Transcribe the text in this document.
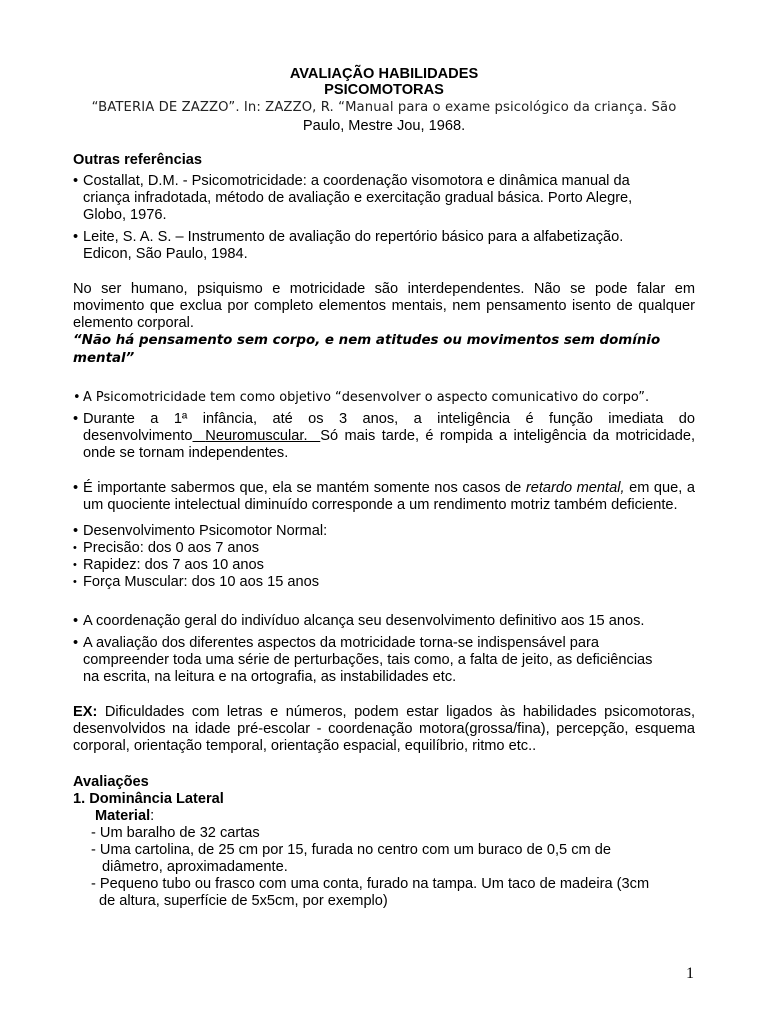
AVALIAÇÃO HABILIDADES
PSICOMOTORAS
“BATERIA DE ZAZZO”. In: ZAZZO, R. “Manual para o exame psicológico da criança. São
Paulo, Mestre Jou, 1968.
Outras referências
• Costallat, D.M. - Psicomotricidade: a coordenação visomotora e dinâmica manual da
criança infradotada, método de avaliação e exercitação gradual básica. Porto Alegre,
Globo, 1976.
• Leite, S. A. S. – Instrumento de avaliação do repertório básico para a alfabetização.
Edicon, São Paulo, 1984.

No ser humano, psiquismo e motricidade são interdependentes. Não se pode falar em movimento que exclua por completo elementos mentais, nem pensamento isento de qualquer elemento corporal.

“Não há pensamento sem corpo, e nem atitudes ou movimentos sem domínio
mental”
• A Psicomotricidade tem como objetivo “desenvolver o aspecto comunicativo do corpo”.
• Durante a 1ª infância, até os 3 anos, a inteligência é função imediata do desenvolvimento Neuromuscular. Só mais tarde, é rompida a inteligência da motricidade, onde se tornam independentes.
• É importante sabermos que, ela se mantém somente nos casos de retardo mental, em que, a um quociente intelectual diminuído corresponde a um rendimento motriz também deficiente.
• Desenvolvimento Psicomotor Normal:
• Precisão: dos 0 aos 7 anos
• Rapidez: dos 7 aos 10 anos
• Força Muscular: dos 10 aos 15 anos
• A coordenação geral do indivíduo alcança seu desenvolvimento definitivo aos 15 anos.
• A avaliação dos diferentes aspectos da motricidade torna-se indispensável para
compreender toda uma série de perturbações, tais como, a falta de jeito, as deficiências
na escrita, na leitura e na ortografia, as instabilidades etc.

EX: Dificuldades com letras e números, podem estar ligados às habilidades psicomotoras, desenvolvidos na idade pré-escolar - coordenação motora(grossa/fina), percepção, esquema corporal, orientação temporal, orientação espacial, equilíbrio, ritmo etc..

Avaliações
1. Dominância Lateral
Material:
- Um baralho de 32 cartas
- Uma cartolina, de 25 cm por 15, furada no centro com um buraco de 0,5 cm de
diâmetro, aproximadamente.
- Pequeno tubo ou frasco com uma conta, furado na tampa. Um taco de madeira (3cm
de altura, superfície de 5x5cm, por exemplo)
1
